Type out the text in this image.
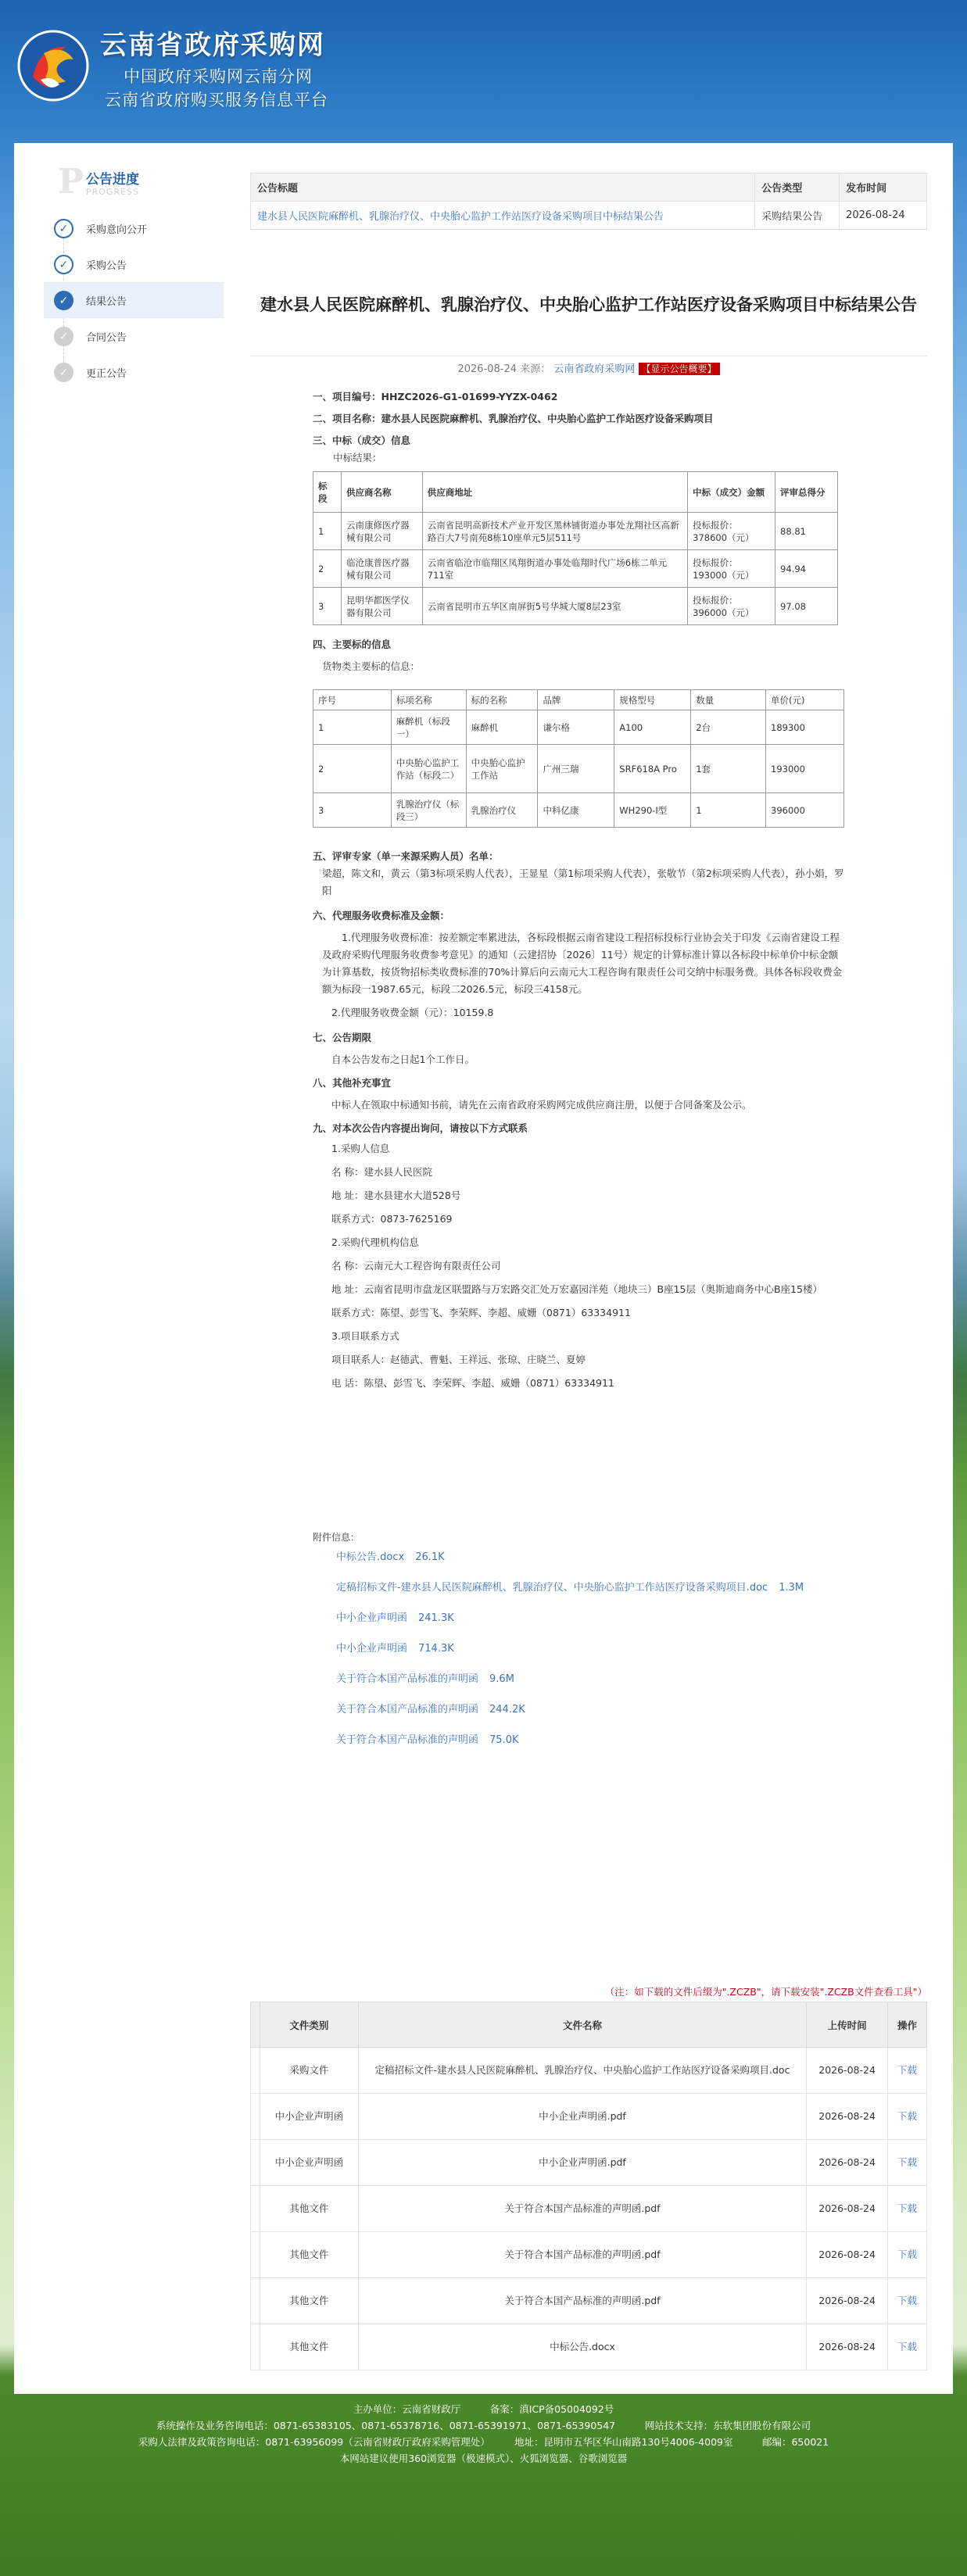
云南省政府采购网
中国政府采购网云南分网
云南省政府购买服务信息平台
P 公告进度
PROGRESS
✓	采购意向公开
✓	采购公告
✓	结果公告
✓	合同公告
✓	更正公告
公告标题	公告类型	发布时间
建水县人民医院麻醉机、乳腺治疗仪、中央胎心监护工作站医疗设备采购项目中标结果公告	采购结果公告	2026-08-24
建水县人民医院麻醉机、乳腺治疗仪、中央胎心监护工作站医疗设备采购项目中标结果公告
2026-08-24 来源： 云南省政府采购网 【显示公告概要】

一、项目编号：HHZC2026-G1-01699-YYZX-0462

二、项目名称：建水县人民医院麻醉机、乳腺治疗仪、中央胎心监护工作站医疗设备采购项目

三、中标（成交）信息

中标结果：

标段	供应商名称	供应商地址	中标（成交）金额	评审总得分
1	云南康修医疗器械有限公司	云南省昆明高新技术产业开发区黑林铺街道办事处龙翔社区高新路百大7号南苑8栋10座单元5层511号	投标报价：378600（元）	88.81
2	临沧康普医疗器械有限公司	云南省临沧市临翔区凤翔街道办事处临翔时代广场6栋二单元711室	投标报价：193000（元）	94.94
3	昆明华都医学仪器有限公司	云南省昆明市五华区南屏街5号华城大厦8层23室	投标报价：396000（元）	97.08

四、主要标的信息

货物类主要标的信息：

序号	标项名称	标的名称	品牌	规格型号	数量	单价(元)
1	麻醉机（标段一）	麻醉机	谦尔格	A100	2台	189300
2	中央胎心监护工作站（标段二）	中央胎心监护工作站	广州三瑞	SRF618A Pro	1套	193000
3	乳腺治疗仪（标段三）	乳腺治疗仪	中科亿康	WH290-I型	1	396000

五、评审专家（单一来源采购人员）名单：

梁超，陈文和，黄云（第3标项采购人代表），王显星（第1标项采购人代表），张敬节（第2标项采购人代表），孙小娟，罗阳

六、代理服务收费标准及金额：

1.代理服务收费标准：按差额定率累进法，各标段根据云南省建设工程招标投标行业协会关于印发《云南省建设工程及政府采购代理服务收费参考意见》的通知（云建招协〔2026〕11号）规定的计算标准计算以各标段中标单价中标金额为计算基数，按货物招标类收费标准的70%计算后向云南元大工程咨询有限责任公司交纳中标服务费。具体各标段收费金额为标段一1987.65元，标段二2026.5元，标段三4158元。

2.代理服务收费金额（元）：10159.8

七、公告期限

自本公告发布之日起1个工作日。

八、其他补充事宜

中标人在领取中标通知书前，请先在云南省政府采购网完成供应商注册，以便于合同备案及公示。

九、对本次公告内容提出询问，请按以下方式联系

1.采购人信息

名 称：建水县人民医院

地 址：建水县建水大道528号

联系方式：0873-7625169

2.采购代理机构信息

名 称：云南元大工程咨询有限责任公司

地 址：云南省昆明市盘龙区联盟路与万宏路交汇处万宏嘉园洋苑（地块三）B座15层（奥斯迪商务中心B座15楼）

联系方式：陈望、彭雪飞、李荣辉、李超、威姗（0871）63334911

3.项目联系方式

项目联系人：赵德武、曹魁、王祥远、张琼、庄晓兰、夏婷

电 话：陈望、彭雪飞、李荣辉、李超、威姗（0871）63334911

附件信息：
中标公告.docx 26.1K
定稿招标文件-建水县人民医院麻醉机、乳腺治疗仪、中央胎心监护工作站医疗设备采购项目.doc 1.3M
中小企业声明函 241.3K
中小企业声明函 714.3K
关于符合本国产品标准的声明函 9.6M
关于符合本国产品标准的声明函 244.2K
关于符合本国产品标准的声明函 75.0K
（注：如下载的文件后缀为".ZCZB"，请下载安装".ZCZB文件查看工具"）
	文件类别	文件名称	上传时间	操作
	采购文件	定稿招标文件-建水县人民医院麻醉机、乳腺治疗仪、中央胎心监护工作站医疗设备采购项目.doc	2026-08-24	下载
	中小企业声明函	中小企业声明函.pdf	2026-08-24	下载
	中小企业声明函	中小企业声明函.pdf	2026-08-24	下载
	其他文件	关于符合本国产品标准的声明函.pdf	2026-08-24	下载
	其他文件	关于符合本国产品标准的声明函.pdf	2026-08-24	下载
	其他文件	关于符合本国产品标准的声明函.pdf	2026-08-24	下载
	其他文件	中标公告.docx	2026-08-24	下载
主办单位：云南省财政厅　　　备案：滇ICP备05004092号
系统操作及业务咨询电话：0871-65383105、0871-65378716、0871-65391971、0871-65390547　　　网站技术支持：东软集团股份有限公司
采购人法律及政策咨询电话：0871-63956099（云南省财政厅政府采购管理处）　　　地址：昆明市五华区华山南路130号4006-4009室　　　邮编：650021
本网站建议使用360浏览器（极速模式）、火狐浏览器、谷歌浏览器
